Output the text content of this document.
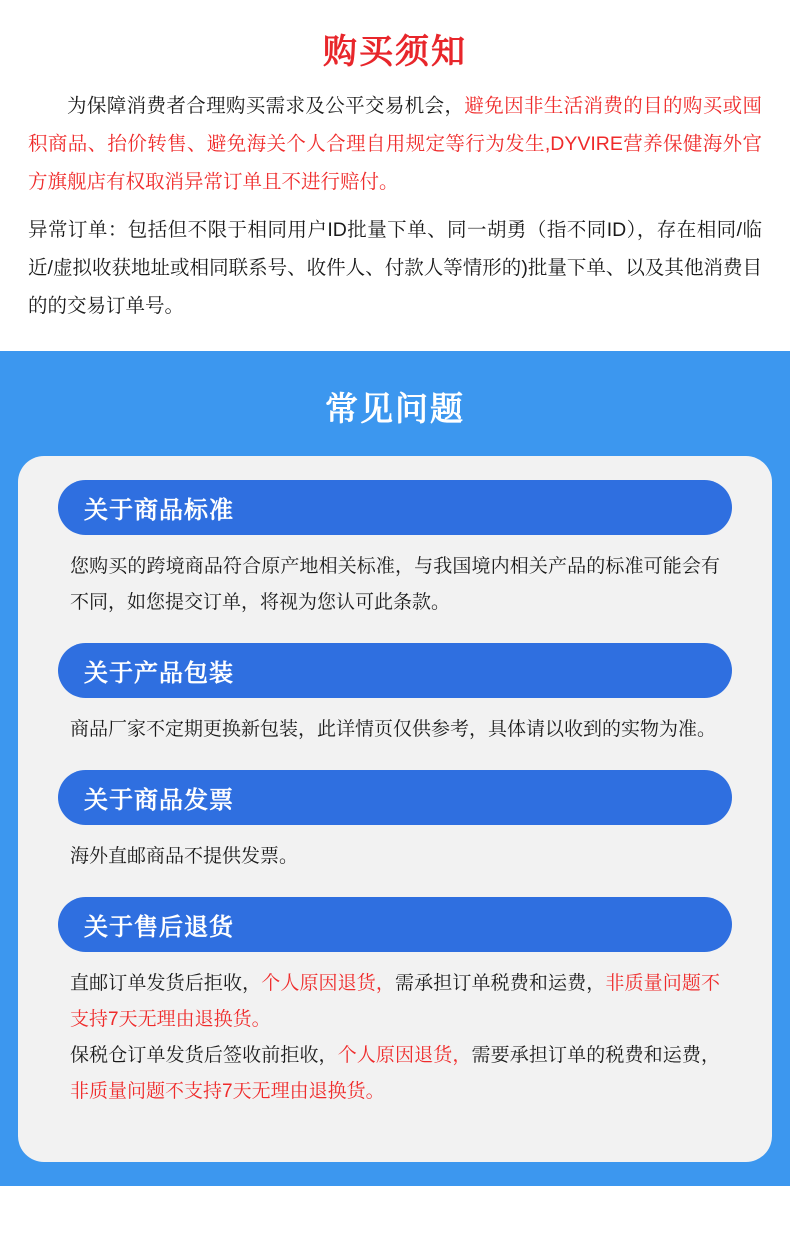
购买须知

为保障消费者合理购买需求及公平交易机会，避免因非生活消费的目的购买或囤积商品、抬价转售、避免海关个人合理自用规定等行为发生,DYVIRE营养保健海外官方旗舰店有权取消异常订单且不进行赔付。

异常订单：包括但不限于相同用户ID批量下单、同一胡勇（指不同ID），存在相同/临近/虚拟收获地址或相同联系号、收件人、付款人等情形的)批量下单、以及其他消费目的的交易订单号。

常见问题
关于商品标准

您购买的跨境商品符合原产地相关标准，与我国境内相关产品的标准可能会有不同，如您提交订单，将视为您认可此条款。

关于产品包装

商品厂家不定期更换新包装，此详情页仅供参考，具体请以收到的实物为准。

关于商品发票

海外直邮商品不提供发票。

关于售后退货

直邮订单发货后拒收，个人原因退货，需承担订单税费和运费，非质量问题不支持7天无理由退换货。

保税仓订单发货后签收前拒收，个人原因退货，需要承担订单的税费和运费，非质量问题不支持7天无理由退换货。
